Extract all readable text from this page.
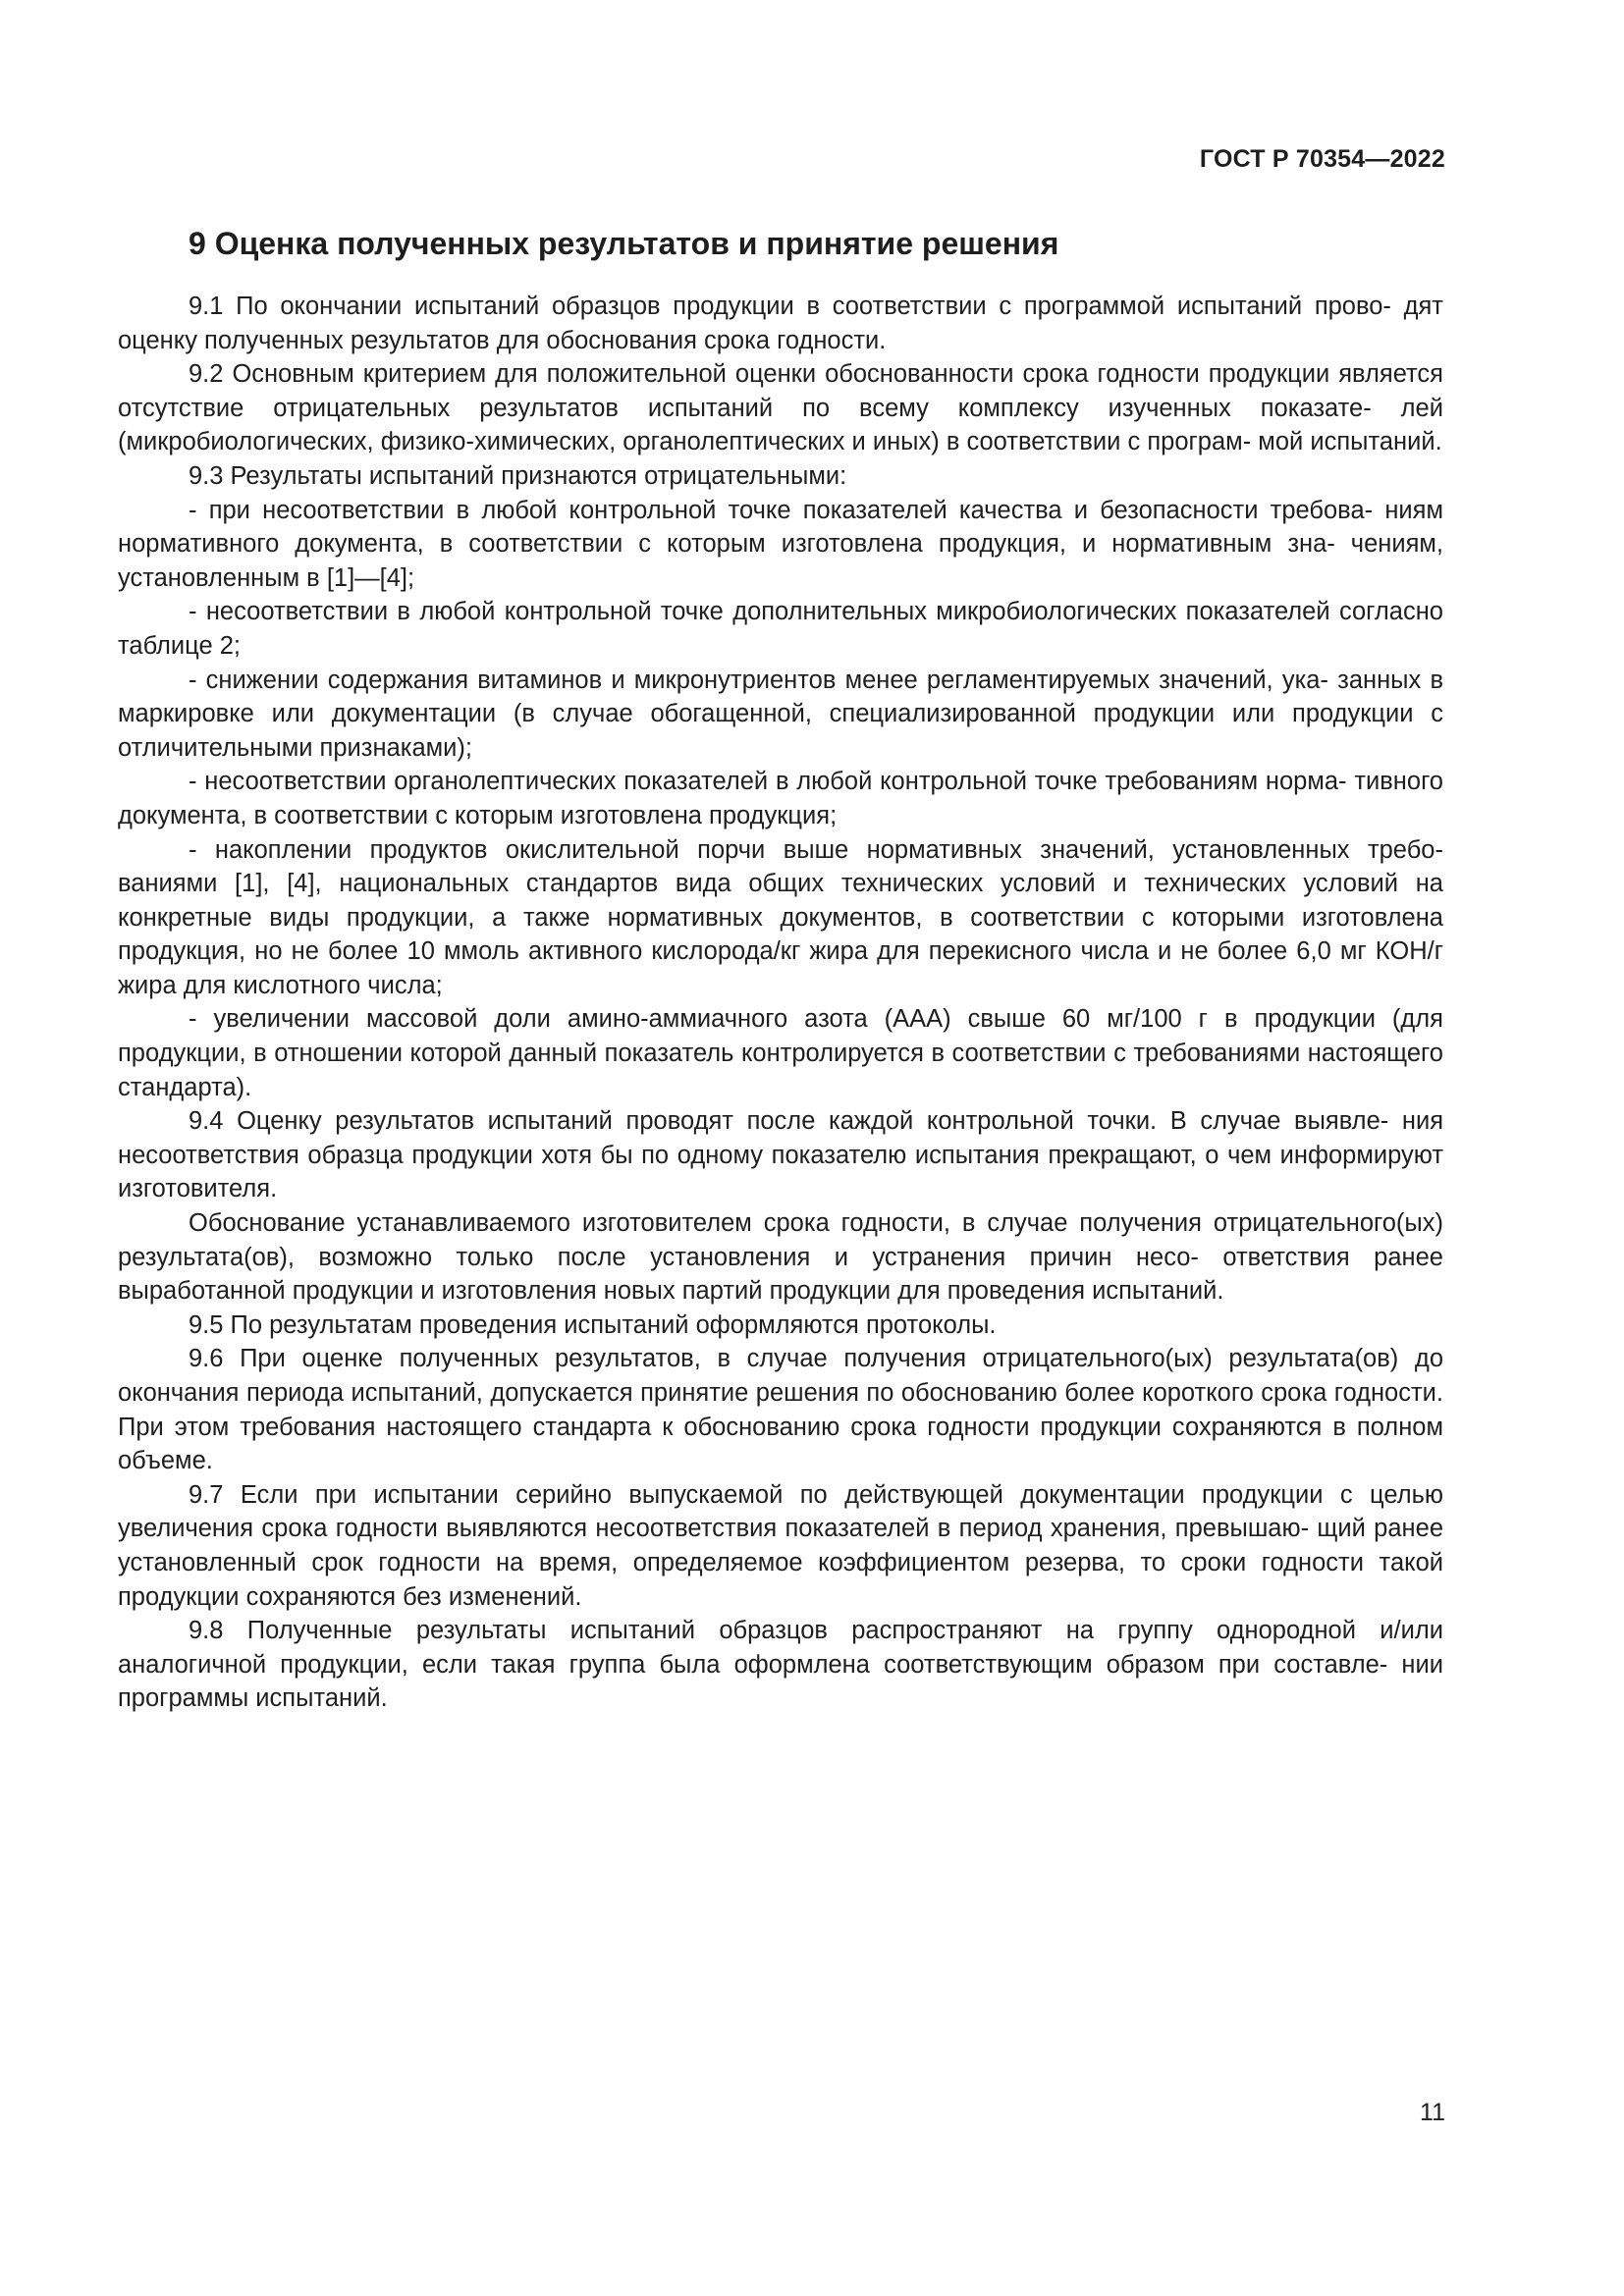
ГОСТ Р 70354—2022
9 Оценка полученных результатов и принятие решения

9.1 По окончании испытаний образцов продукции в соответствии с программой испытаний прово- дят оценку полученных результатов для обоснования срока годности.

9.2 Основным критерием для положительной оценки обоснованности срока годности продукции является отсутствие отрицательных результатов испытаний по всему комплексу изученных показате- лей (микробиологических, физико-химических, органолептических и иных) в соответствии с програм- мой испытаний.

9.3 Результаты испытаний признаются отрицательными:

- при несоответствии в любой контрольной точке показателей качества и безопасности требова- ниям нормативного документа, в соответствии с которым изготовлена продукция, и нормативным зна- чениям, установленным в [1]—[4];

- несоответствии в любой контрольной точке дополнительных микробиологических показателей согласно таблице 2;

- снижении содержания витаминов и микронутриентов менее регламентируемых значений, ука- занных в маркировке или документации (в случае обогащенной, специализированной продукции или продукции с отличительными признаками);

- несоответствии органолептических показателей в любой контрольной точке требованиям норма- тивного документа, в соответствии с которым изготовлена продукция;

- накоплении продуктов окислительной порчи выше нормативных значений, установленных требо- ваниями [1], [4], национальных стандартов вида общих технических условий и технических условий на конкретные виды продукции, а также нормативных документов, в соответствии с которыми изготовлена продукция, но не более 10 ммоль активного кислорода/кг жира для перекисного числа и не более 6,0 мг КОН/г жира для кислотного числа;

- увеличении массовой доли амино-аммиачного азота (ААА) свыше 60 мг/100 г в продукции (для продукции, в отношении которой данный показатель контролируется в соответствии с требованиями настоящего стандарта).

9.4 Оценку результатов испытаний проводят после каждой контрольной точки. В случае выявле- ния несоответствия образца продукции хотя бы по одному показателю испытания прекращают, о чем информируют изготовителя.

Обоснование устанавливаемого изготовителем срока годности, в случае получения отрицательного(ых) результата(ов), возможно только после установления и устранения причин несо- ответствия ранее выработанной продукции и изготовления новых партий продукции для проведения испытаний.

9.5 По результатам проведения испытаний оформляются протоколы.

9.6 При оценке полученных результатов, в случае получения отрицательного(ых) результата(ов) до окончания периода испытаний, допускается принятие решения по обоснованию более короткого срока годности. При этом требования настоящего стандарта к обоснованию срока годности продукции сохраняются в полном объеме.

9.7 Если при испытании серийно выпускаемой по действующей документации продукции с целью увеличения срока годности выявляются несоответствия показателей в период хранения, превышаю- щий ранее установленный срок годности на время, определяемое коэффициентом резерва, то сроки годности такой продукции сохраняются без изменений.

9.8 Полученные результаты испытаний образцов распространяют на группу однородной и/или аналогичной продукции, если такая группа была оформлена соответствующим образом при составле- нии программы испытаний.

11
